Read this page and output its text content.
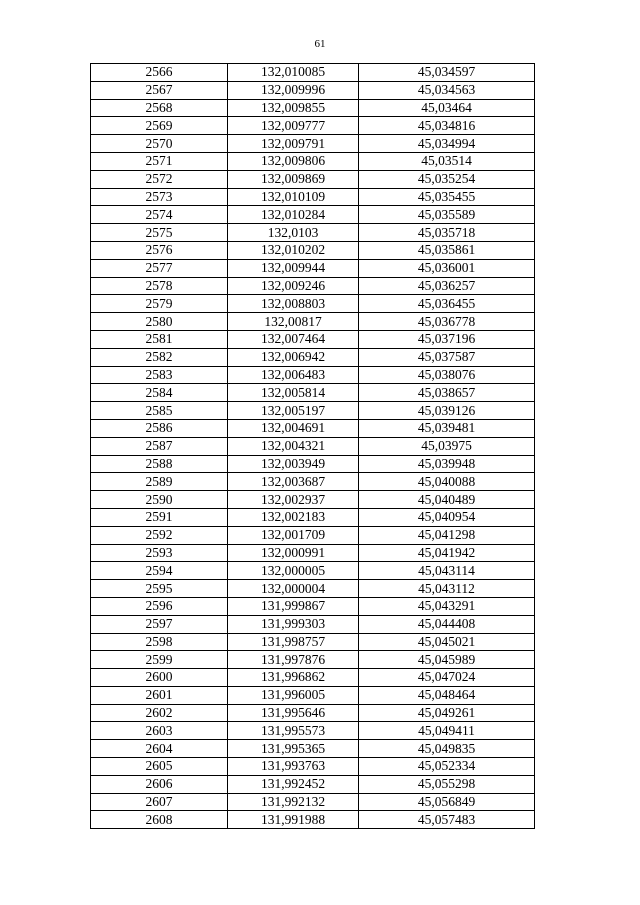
61
2566	132,010085	45,034597
2567	132,009996	45,034563
2568	132,009855	45,03464
2569	132,009777	45,034816
2570	132,009791	45,034994
2571	132,009806	45,03514
2572	132,009869	45,035254
2573	132,010109	45,035455
2574	132,010284	45,035589
2575	132,0103	45,035718
2576	132,010202	45,035861
2577	132,009944	45,036001
2578	132,009246	45,036257
2579	132,008803	45,036455
2580	132,00817	45,036778
2581	132,007464	45,037196
2582	132,006942	45,037587
2583	132,006483	45,038076
2584	132,005814	45,038657
2585	132,005197	45,039126
2586	132,004691	45,039481
2587	132,004321	45,03975
2588	132,003949	45,039948
2589	132,003687	45,040088
2590	132,002937	45,040489
2591	132,002183	45,040954
2592	132,001709	45,041298
2593	132,000991	45,041942
2594	132,000005	45,043114
2595	132,000004	45,043112
2596	131,999867	45,043291
2597	131,999303	45,044408
2598	131,998757	45,045021
2599	131,997876	45,045989
2600	131,996862	45,047024
2601	131,996005	45,048464
2602	131,995646	45,049261
2603	131,995573	45,049411
2604	131,995365	45,049835
2605	131,993763	45,052334
2606	131,992452	45,055298
2607	131,992132	45,056849
2608	131,991988	45,057483
